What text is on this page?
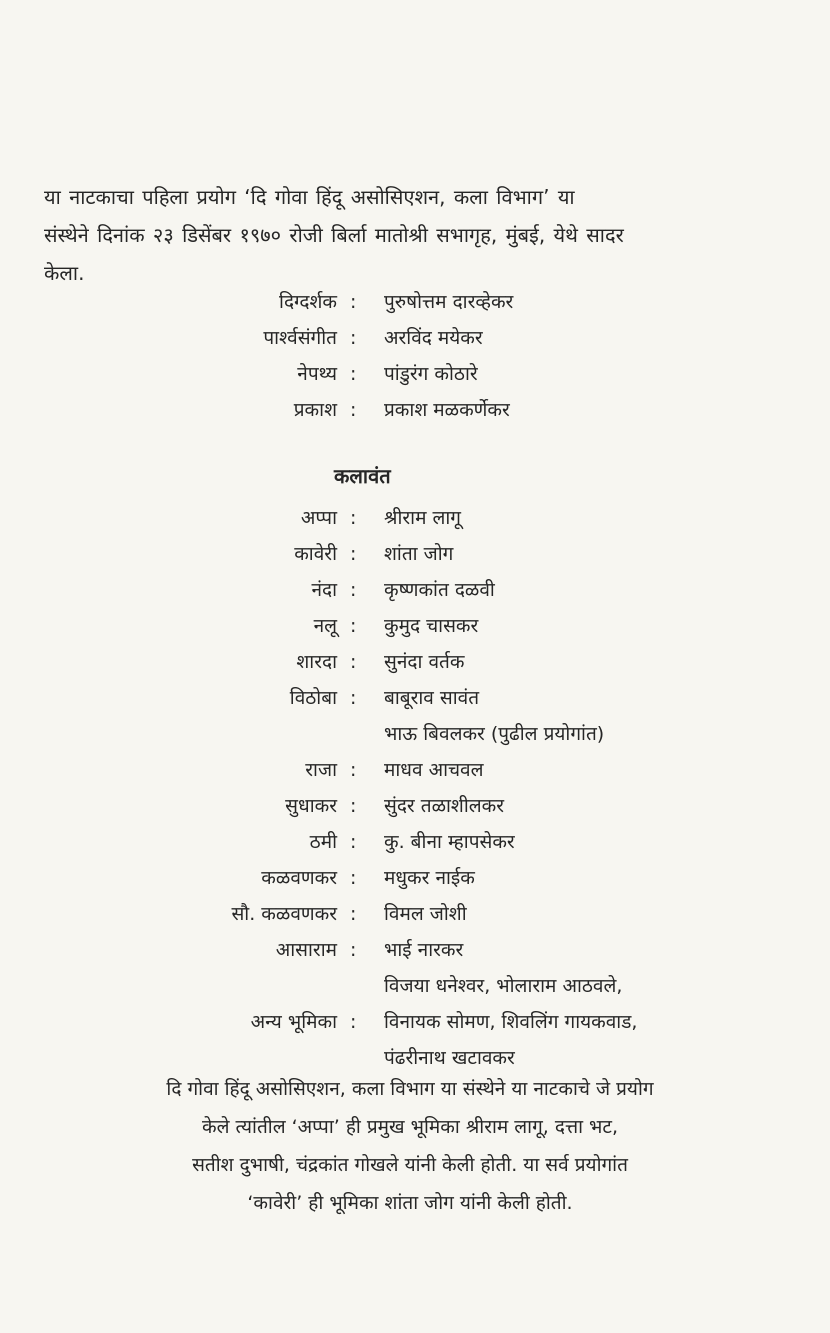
या नाटकाचा पहिला प्रयोग ‘दि गोवा हिंदू असोसिएशन, कला विभाग’ या
संस्थेने दिनांक २३ डिसेंबर १९७० रोजी बिर्ला मातोश्री सभागृह, मुंबई, येथे सादर
केला.
दिग्दर्शक : पुरुषोत्तम दारव्हेकर
पार्श्वसंगीत : अरविंद मयेकर
नेपथ्य : पांडुरंग कोठारे
प्रकाश : प्रकाश मळकर्णेकर
कलावंत
अप्पा : श्रीराम लागू
कावेरी : शांता जोग
नंदा : कृष्णकांत दळवी
नलू : कुमुद चासकर
शारदा : सुनंदा वर्तक
विठोबा : बाबूराव सावंत
भाऊ बिवलकर (पुढील प्रयोगांत)
राजा : माधव आचवल
सुधाकर : सुंदर तळाशीलकर
ठमी : कु. बीना म्हापसेकर
कळवणकर : मधुकर नाईक
सौ. कळवणकर : विमल जोशी
आसाराम : भाई नारकर
विजया धनेश्वर, भोलाराम आठवले,
अन्य भूमिका : विनायक सोमण, शिवलिंग गायकवाड,
पंढरीनाथ खटावकर
दि गोवा हिंदू असोसिएशन, कला विभाग या संस्थेने या नाटकाचे जे प्रयोग
केले त्यांतील ‘अप्पा’ ही प्रमुख भूमिका श्रीराम लागू, दत्ता भट,
सतीश दुभाषी, चंद्रकांत गोखले यांनी केली होती. या सर्व प्रयोगांत
‘कावेरी’ ही भूमिका शांता जोग यांनी केली होती.
